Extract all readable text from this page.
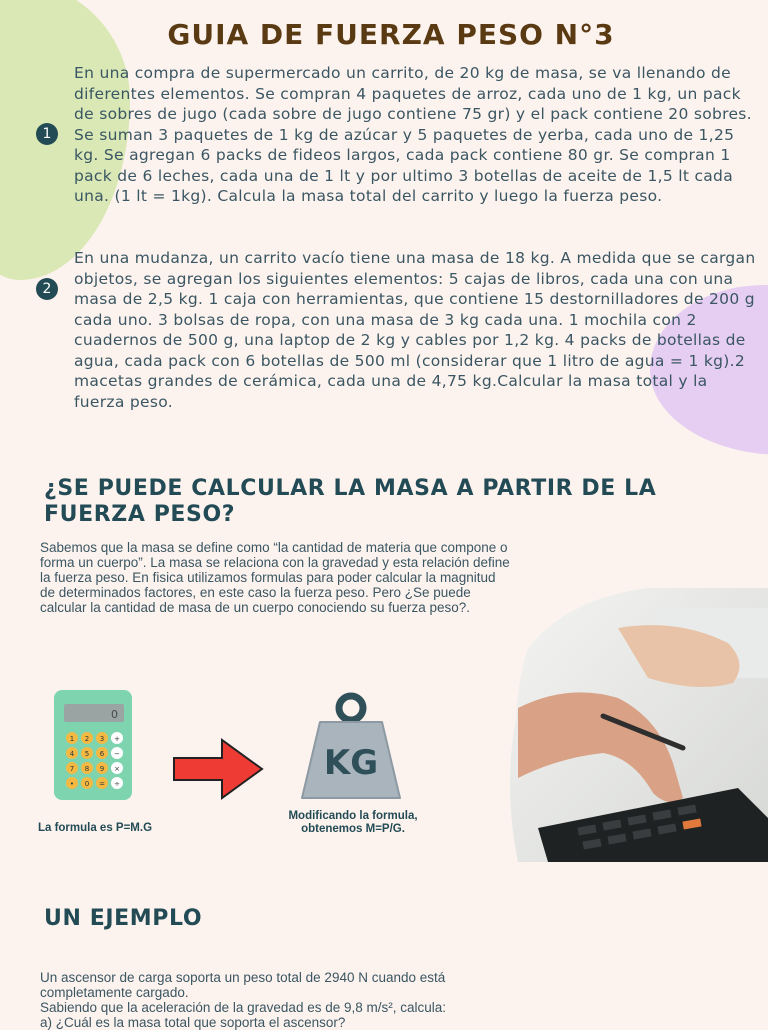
GUIA DE FUERZA PESO N°3
1

En una compra de supermercado un carrito, de 20 kg de masa, se va llenando de diferentes elementos. Se compran 4 paquetes de arroz, cada uno de 1 kg, un pack de sobres de jugo (cada sobre de jugo contiene 75 gr) y el pack contiene 20 sobres. Se suman 3 paquetes de 1 kg de azúcar y 5 paquetes de yerba, cada uno de 1,25 kg. Se agregan 6 packs de fideos largos, cada pack contiene 80 gr. Se compran 1 pack de 6 leches, cada una de 1 lt y por ultimo 3 botellas de aceite de 1,5 lt cada una. (1 lt = 1kg). Calcula la masa total del carrito y luego la fuerza peso.

2

En una mudanza, un carrito vacío tiene una masa de 18 kg. A medida que se cargan objetos, se agregan los siguientes elementos: 5 cajas de libros, cada una con una masa de 2,5 kg. 1 caja con herramientas, que contiene 15 destornilladores de 200 g cada uno. 3 bolsas de ropa, con una masa de 3 kg cada una. 1 mochila con 2 cuadernos de 500 g, una laptop de 2 kg y cables por 1,2 kg. 4 packs de botellas de agua, cada pack con 6 botellas de 500 ml (considerar que 1 litro de agua = 1 kg).2 macetas grandes de cerámica, cada una de 4,75 kg.Calcular la masa total y la fuerza peso.

¿SE PUEDE CALCULAR LA MASA A PARTIR DE LA FUERZA PESO?

Sabemos que la masa se define como “la cantidad de materia que compone o forma un cuerpo”. La masa se relaciona con la gravedad y esta relación define la fuerza peso. En fisica utilizamos formulas para poder calcular la magnitud de determinados factores, en este caso la fuerza peso. Pero ¿Se puede calcular la cantidad de masa de un cuerpo conociendo su fuerza peso?.

0
1 2 3 +
4 5 6 −
7 8 9 ×
• 0 = ÷
KG
La formula es P=M.G
Modificando la formula, obtenemos M=P/G.
UN EJEMPLO

Un ascensor de carga soporta un peso total de 2940 N cuando está completamente cargado.
Sabiendo que la aceleración de la gravedad es de 9,8 m/s², calcula:
a) ¿Cuál es la masa total que soporta el ascensor?
